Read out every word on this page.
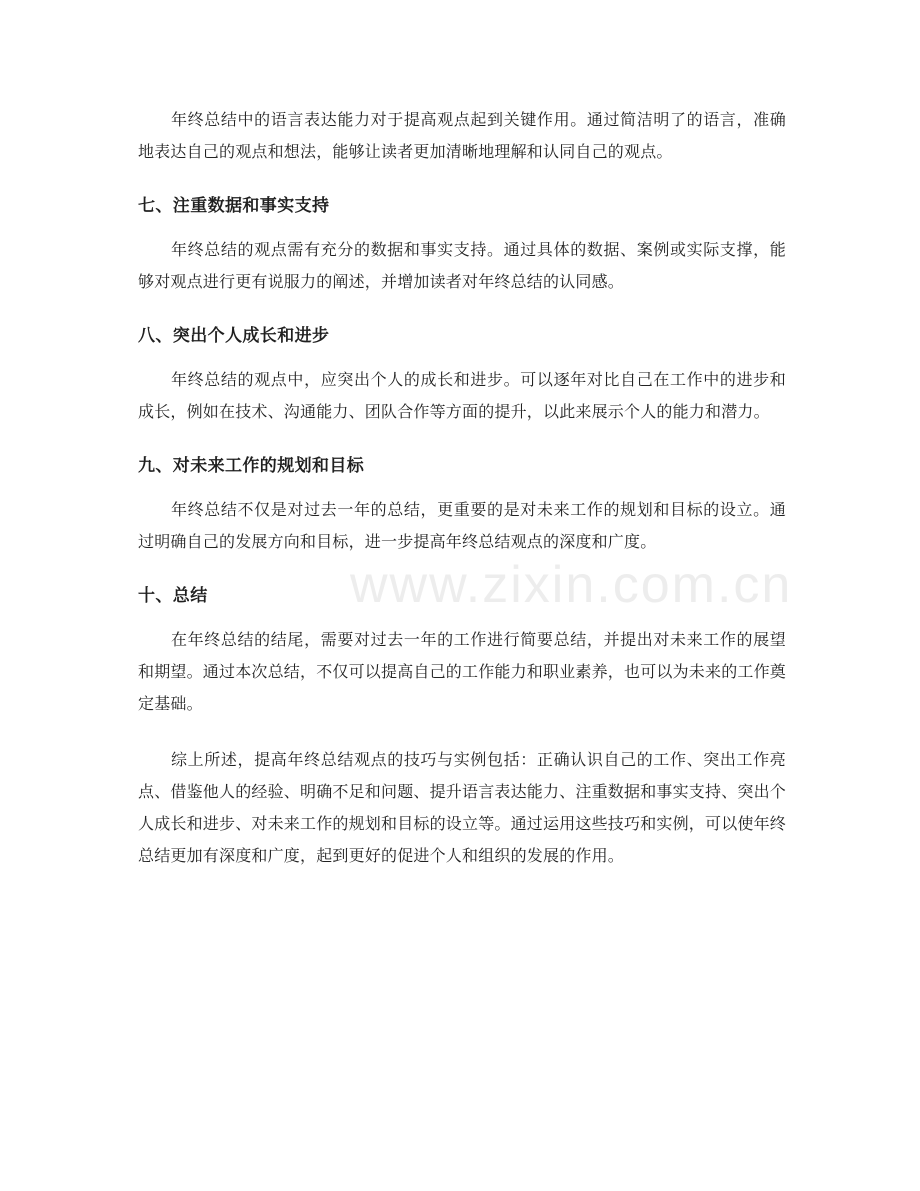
年终总结中的语言表达能力对于提高观点起到关键作用。通过简洁明了的语言，准确地表达自己的观点和想法，能够让读者更加清晰地理解和认同自己的观点。

七、注重数据和事实支持

年终总结的观点需有充分的数据和事实支持。通过具体的数据、案例或实际支撑，能够对观点进行更有说服力的阐述，并增加读者对年终总结的认同感。

八、突出个人成长和进步

年终总结的观点中，应突出个人的成长和进步。可以逐年对比自己在工作中的进步和成长，例如在技术、沟通能力、团队合作等方面的提升，以此来展示个人的能力和潜力。

九、对未来工作的规划和目标

年终总结不仅是对过去一年的总结，更重要的是对未来工作的规划和目标的设立。通过明确自己的发展方向和目标，进一步提高年终总结观点的深度和广度。

十、总结

在年终总结的结尾，需要对过去一年的工作进行简要总结，并提出对未来工作的展望和期望。通过本次总结，不仅可以提高自己的工作能力和职业素养，也可以为未来的工作奠定基础。

综上所述，提高年终总结观点的技巧与实例包括：正确认识自己的工作、突出工作亮点、借鉴他人的经验、明确不足和问题、提升语言表达能力、注重数据和事实支持、突出个人成长和进步、对未来工作的规划和目标的设立等。通过运用这些技巧和实例，可以使年终总结更加有深度和广度，起到更好的促进个人和组织的发展的作用。

www.zixin.com.cn
